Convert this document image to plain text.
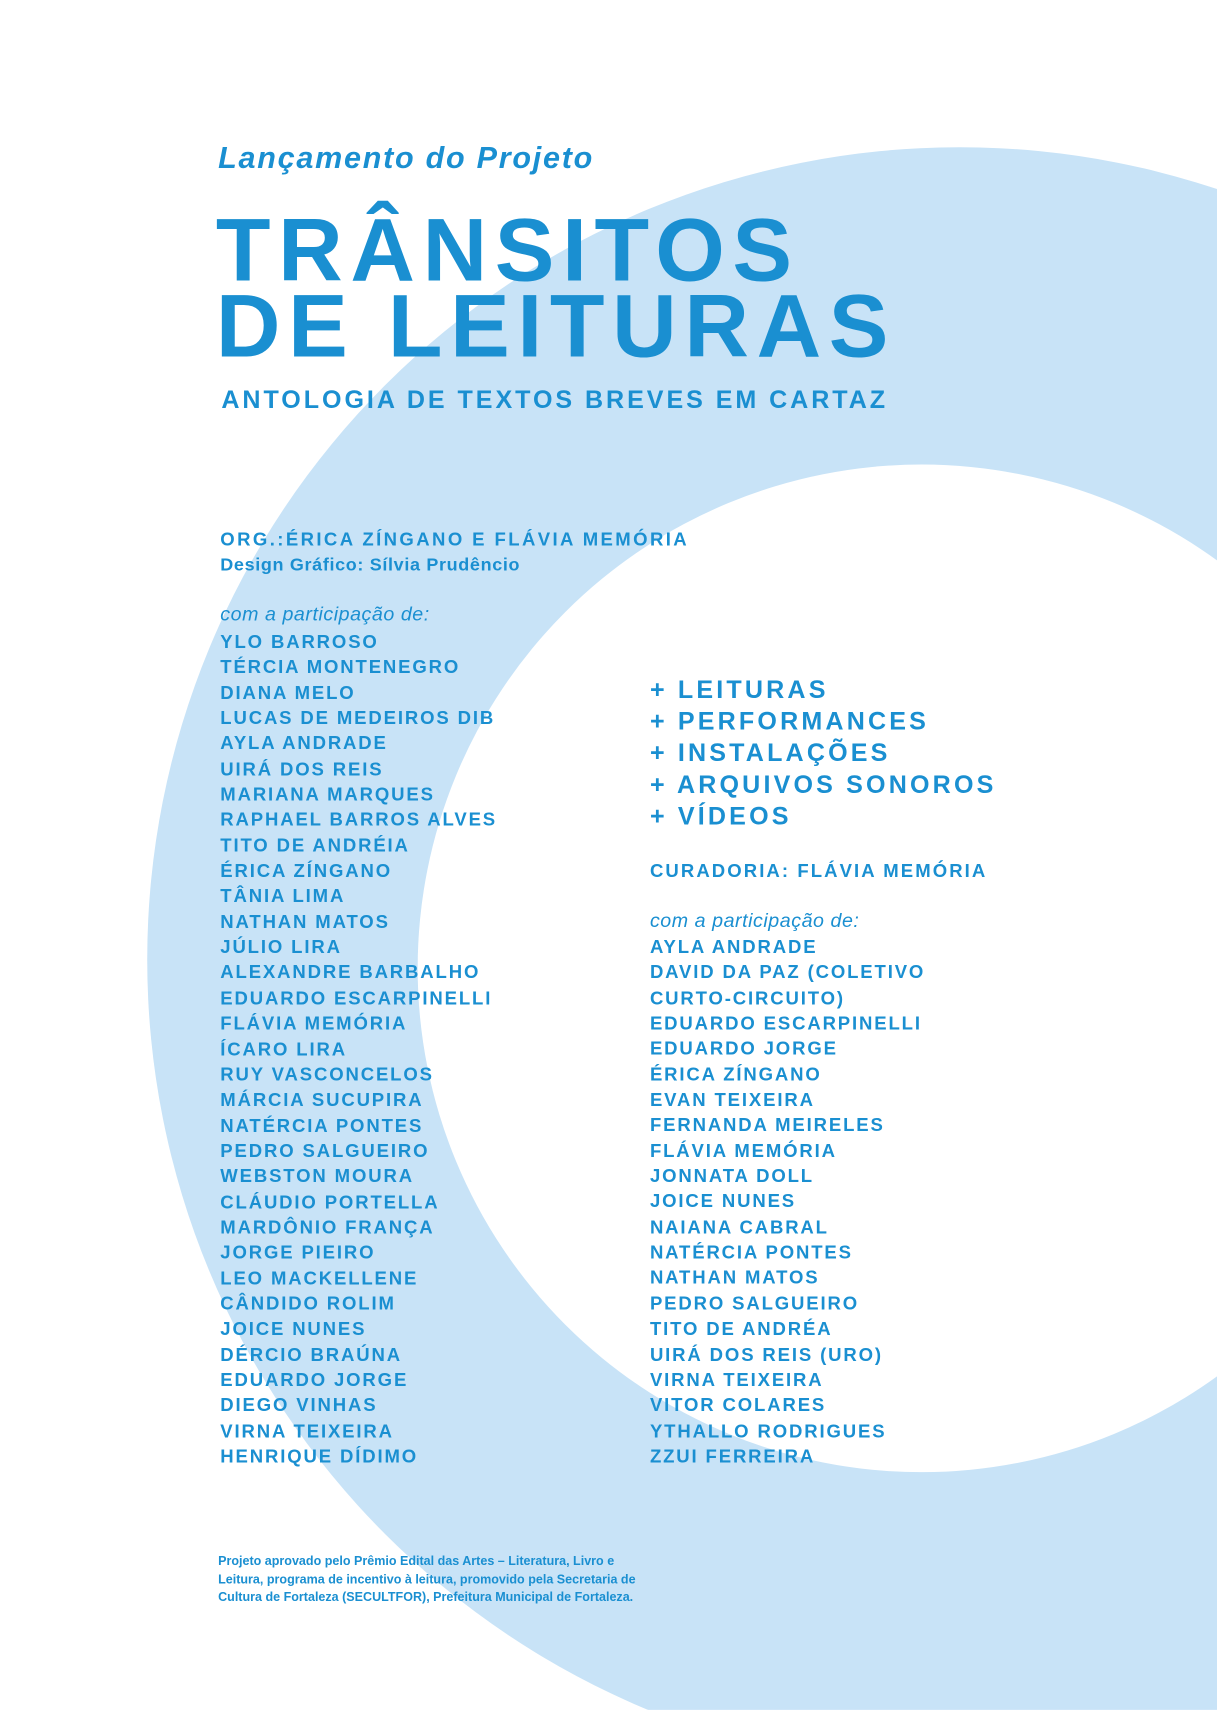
Lançamento do Projeto
TRÂNSITOS
DE LEITURAS
ANTOLOGIA DE TEXTOS BREVES EM CARTAZ
ORG.:ÉRICA ZÍNGANO E FLÁVIA MEMÓRIA
Design Gráfico: Sílvia Prudêncio
com a participação de:
YLO BARROSO
TÉRCIA MONTENEGRO
DIANA MELO
LUCAS DE MEDEIROS DIB
AYLA ANDRADE
UIRÁ DOS REIS
MARIANA MARQUES
RAPHAEL BARROS ALVES
TITO DE ANDRÉIA
ÉRICA ZÍNGANO
TÂNIA LIMA
NATHAN MATOS
JÚLIO LIRA
ALEXANDRE BARBALHO
EDUARDO ESCARPINELLI
FLÁVIA MEMÓRIA
ÍCARO LIRA
RUY VASCONCELOS
MÁRCIA SUCUPIRA
NATÉRCIA PONTES
PEDRO SALGUEIRO
WEBSTON MOURA
CLÁUDIO PORTELLA
MARDÔNIO FRANÇA
JORGE PIEIRO
LEO MACKELLENE
CÂNDIDO ROLIM
JOICE NUNES
DÉRCIO BRAÚNA
EDUARDO JORGE
DIEGO VINHAS
VIRNA TEIXEIRA
HENRIQUE DÍDIMO
+ LEITURAS
+ PERFORMANCES
+ INSTALAÇÕES
+ ARQUIVOS SONOROS
+ VÍDEOS
CURADORIA: FLÁVIA MEMÓRIA
com a participação de:
AYLA ANDRADE
DAVID DA PAZ (COLETIVO
CURTO-CIRCUITO)
EDUARDO ESCARPINELLI
EDUARDO JORGE
ÉRICA ZÍNGANO
EVAN TEIXEIRA
FERNANDA MEIRELES
FLÁVIA MEMÓRIA
JONNATA DOLL
JOICE NUNES
NAIANA CABRAL
NATÉRCIA PONTES
NATHAN MATOS
PEDRO SALGUEIRO
TITO DE ANDRÉA
UIRÁ DOS REIS (URO)
VIRNA TEIXEIRA
VITOR COLARES
YTHALLO RODRIGUES
ZZUI FERREIRA
Projeto aprovado pelo Prêmio Edital das Artes – Literatura, Livro e
Leitura, programa de incentivo à leitura, promovido pela Secretaria de
Cultura de Fortaleza (SECULTFOR), Prefeitura Municipal de Fortaleza.
